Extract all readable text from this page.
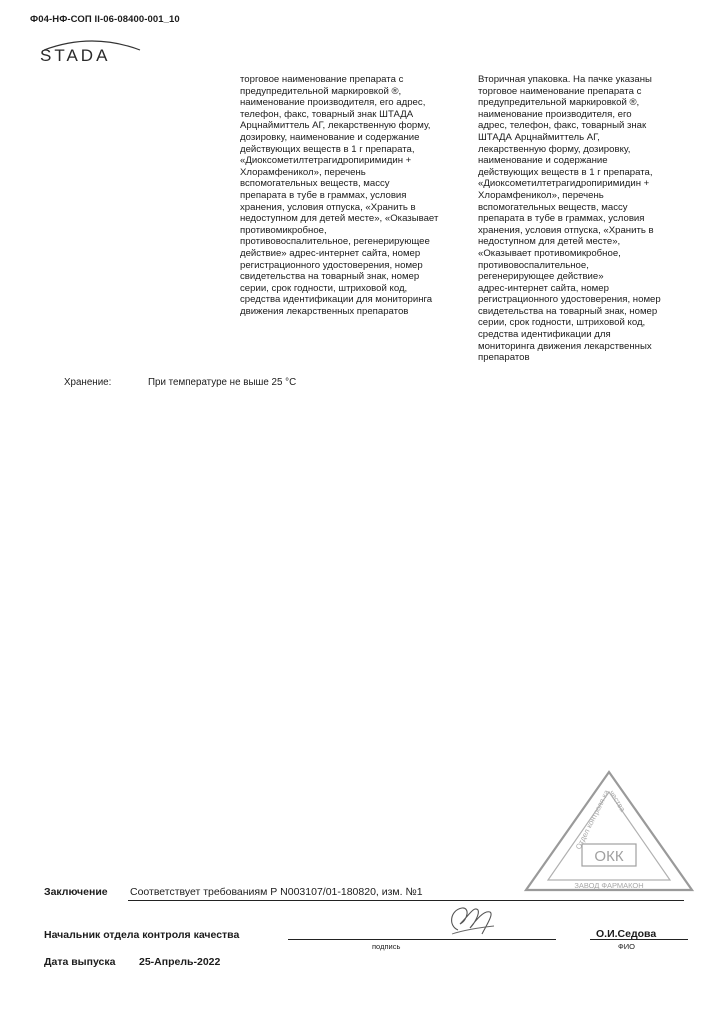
Ф04-НФ-СОП II-06-08400-001_10
STADA
торговое наименование препарата с
предупредительной маркировкой ®,
наименование производителя, его адрес,
телефон, факс, товарный знак ШТАДА
Арцнаймиттель АГ, лекарственную форму,
дозировку, наименование и содержание
действующих веществ в 1 г препарата,
«Диоксометилтетрагидропиримидин +
Хлорамфеникол», перечень
вспомогательных веществ, массу
препарата в тубе в граммах, условия
хранения, условия отпуска, «Хранить в
недоступном для детей месте», «Оказывает
противомикробное,
противовоспалительное, регенерирующее
действие» адрес-интернет сайта, номер
регистрационного удостоверения, номер
свидетельства на товарный знак, номер
серии, срок годности, штриховой код,
средства идентификации для мониторинга
движения лекарственных препаратов
Вторичная упаковка. На пачке указаны
торговое наименование препарата с
предупредительной маркировкой ®,
наименование производителя, его
адрес, телефон, факс, товарный знак
ШТАДА Арцнаймиттель АГ,
лекарственную форму, дозировку,
наименование и содержание
действующих веществ в 1 г препарата,
«Диоксометилтетрагидропиримидин +
Хлорамфеникол», перечень
вспомогательных веществ, массу
препарата в тубе в граммах, условия
хранения, условия отпуска, «Хранить в
недоступном для детей месте»,
«Оказывает противомикробное,
противовоспалительное,
регенерирующее действие»
адрес-интернет сайта, номер
регистрационного удостоверения, номер
свидетельства на товарный знак, номер
серии, срок годности, штриховой код,
средства идентификации для
мониторинга движения лекарственных
препаратов
Хранение:	При температуре не выше 25 °С
Отдел контроля качества
ОКК
ЗАВОД ФАРМАКОН
Заключение Соответствует требованиям Р N003107/01-180820, изм. №1
Начальник отдела контроля качества
подпись
О.И.Седова
ФИО
Дата выпуска 25-Апрель-2022
